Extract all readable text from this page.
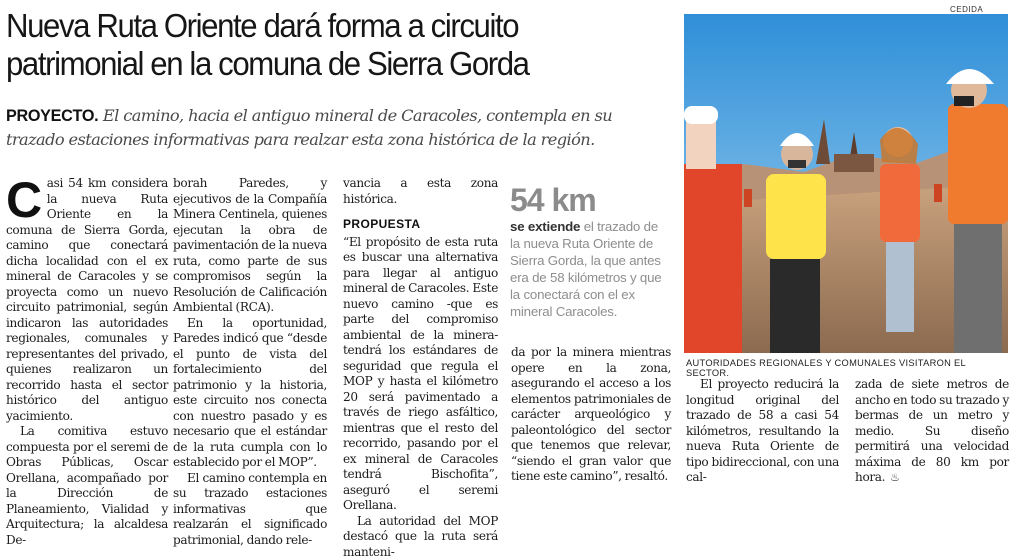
Nueva Ruta Oriente dará forma a circuito patrimonial en la comuna de Sierra Gorda
PROYECTO. El camino, hacia el antiguo mineral de Caracoles, contempla en su trazado estaciones informativas para realzar esta zona histórica de la región.

Casi 54 km considera la nueva Ruta Oriente en la comuna de Sierra Gorda, camino que conectará dicha localidad con el ex mineral de Caracoles y se proyecta como un nuevo circuito patrimonial, según indicaron las autoridades regionales, comunales y representantes del privado, quienes realizaron un recorrido hasta el sector histórico del antiguo yacimiento.

La comitiva estuvo compuesta por el seremi de Obras Públicas, Oscar Orellana, acompañado por la Dirección de Planeamiento, Vialidad y Arquitectura; la alcaldesa De-

borah Paredes, y ejecutivos de la Compañía Minera Centinela, quienes ejecutan la obra de pavimentación de la nueva ruta, como parte de sus compromisos según la Resolución de Calificación Ambiental (RCA).

En la oportunidad, Paredes indicó que “desde el punto de vista del fortalecimiento del patrimonio y la historia, este circuito nos conecta con nuestro pasado y es necesario que el estándar de la ruta cumpla con lo establecido por el MOP”.

El camino contempla en su trazado estaciones informativas que realzarán el significado patrimonial, dando rele-

vancia a esta zona histórica.

PROPUESTA

“El propósito de esta ruta es buscar una alternativa para llegar al antiguo mineral de Caracoles. Este nuevo camino -que es parte del compromiso ambiental de la minera- tendrá los estándares de seguridad que regula el MOP y hasta el kilómetro 20 será pavimentado a través de riego asfáltico, mientras que el resto del recorrido, pasando por el ex mineral de Caracoles tendrá Bischofita”, aseguró el seremi Orellana.

La autoridad del MOP destacó que la ruta será manteni-

54 km
se extiende el trazado de la nueva Ruta Oriente de Sierra Gorda, la que antes era de 58 kilómetros y que la conectará con el ex mineral Caracoles.

da por la minera mientras opere en la zona, asegurando el acceso a los elementos patrimoniales de carácter arqueológico y paleontológico del sector que tenemos que relevar, “siendo el gran valor que tiene este camino”, resaltó.

El proyecto reducirá la longitud original del trazado de 58 a casi 54 kilómetros, resultando la nueva Ruta Oriente de tipo bidireccional, con una cal-

zada de siete metros de ancho en todo su trazado y bermas de un metro y medio. Su diseño permitirá una velocidad máxima de 80 km por hora. ♨

CEDIDA
AUTORIDADES REGIONALES Y COMUNALES VISITARON EL SECTOR.
